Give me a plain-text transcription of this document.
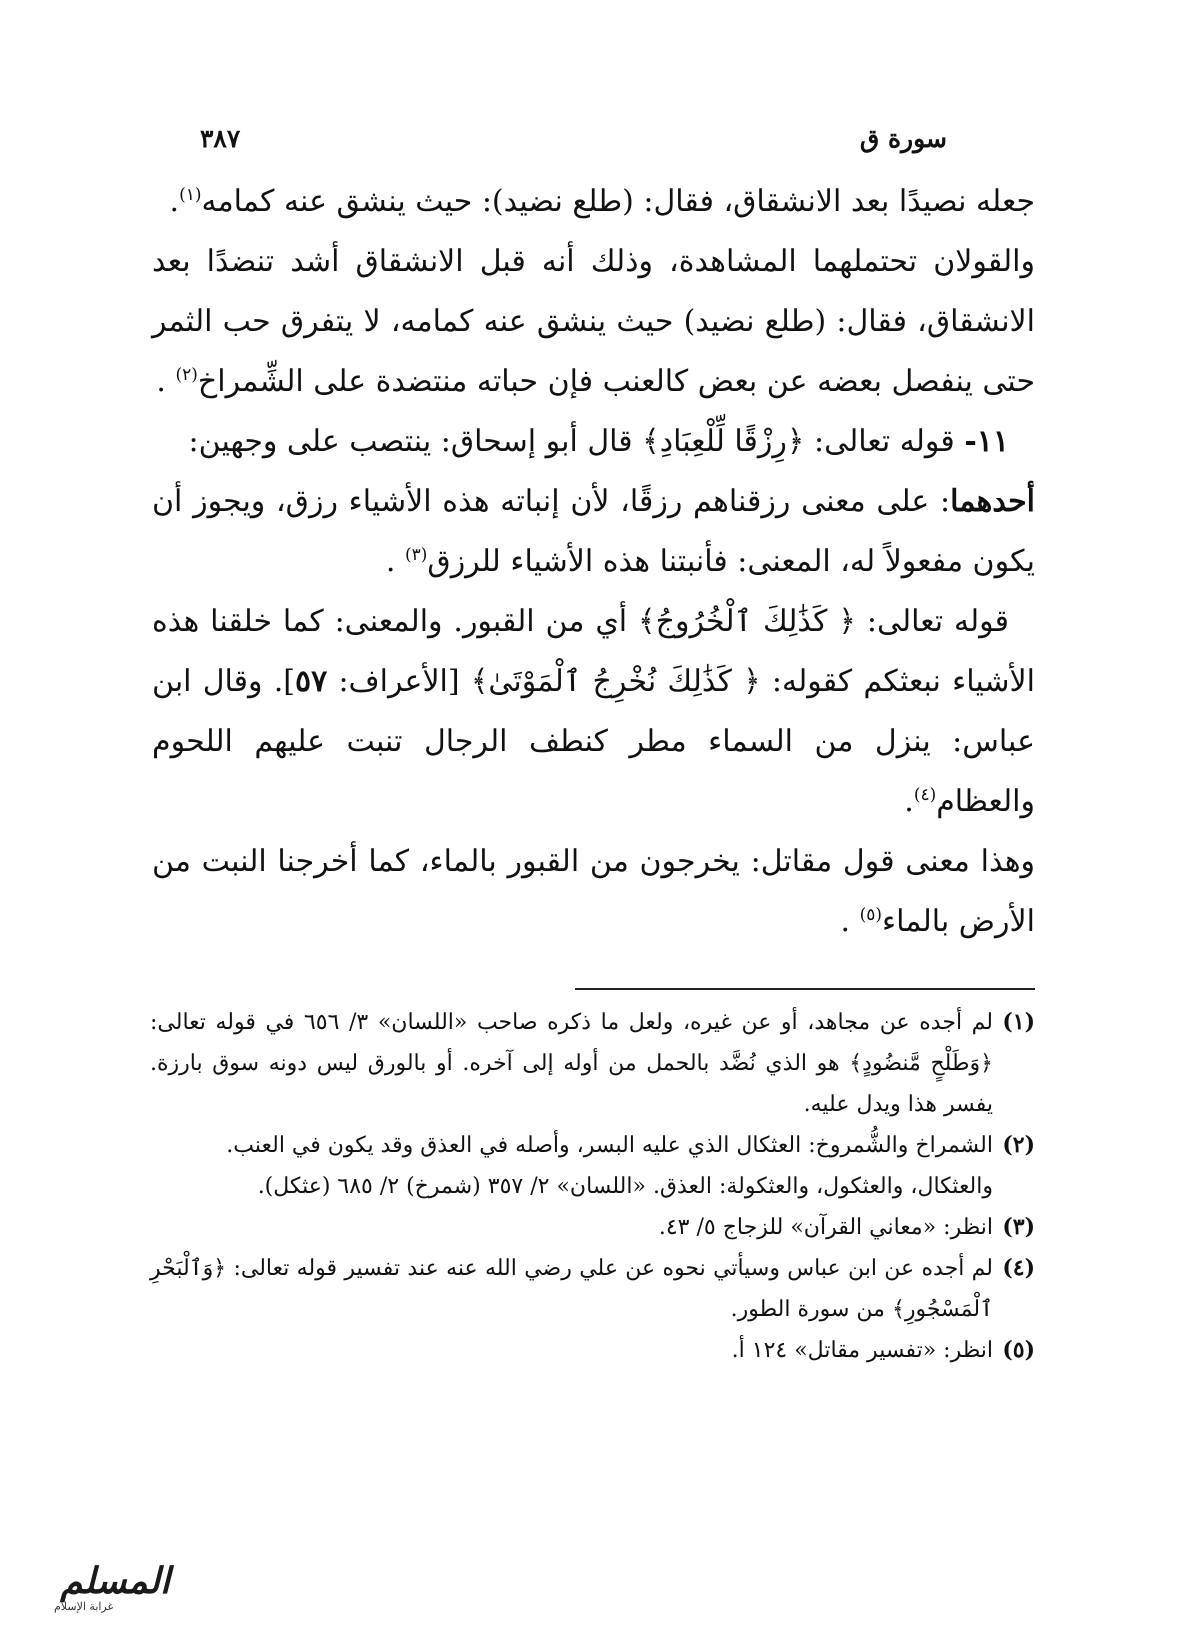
سورة ق
٣٨٧

جعله نصيدًا بعد الانشقاق، فقال: (طلع نضيد): حيث ينشق عنه كمامه$^{(١)}$.

والقولان تحتملهما المشاهدة، وذلك أنه قبل الانشقاق أشد تنضدًا بعد الانشقاق، فقال: (طلع نضيد) حيث ينشق عنه كمامه، لا يتفرق حب الثمر حتى ينفصل بعضه عن بعض كالعنب فإن حباته منتضدة على الشِّمراخ$^{(٢)}$ .

١١- قوله تعالى: ﴿رِزْقًا لِّلْعِبَادِ﴾ قال أبو إسحاق: ينتصب على وجهين:

أحدهما: على معنى رزقناهم رزقًا، لأن إنباته هذه الأشياء رزق، ويجوز أن يكون مفعولاً له، المعنى: فأنبتنا هذه الأشياء للرزق$^{(٣)}$ .

قوله تعالى: ﴿ كَذَٰلِكَ ٱلْخُرُوجُ﴾ أي من القبور. والمعنى: كما خلقنا هذه الأشياء نبعثكم كقوله: ﴿ كَذَٰلِكَ نُخْرِجُ ٱلْمَوْتَىٰ﴾ [الأعراف: ٥٧]. وقال ابن عباس: ينزل من السماء مطر كنطف الرجال تنبت عليهم اللحوم والعظام$^{(٤)}$.

وهذا معنى قول مقاتل: يخرجون من القبور بالماء، كما أخرجنا النبت من الأرض بالماء$^{(٥)}$ .

(١)
لم أجده عن مجاهد، أو عن غيره، ولعل ما ذكره صاحب «اللسان» ٣/ ٦٥٦ في قوله تعالى: ﴿وَطَلْحٍ مَّنضُودٍ﴾ هو الذي نُضَّد بالحمل من أوله إلى آخره. أو بالورق ليس دونه سوق بارزة. يفسر هذا ويدل عليه.
(٢)
الشمراخ والشُّمروخ: العثكال الذي عليه البسر، وأصله في العذق وقد يكون في العنب.
والعثكال، والعثكول، والعثكولة: العذق. «اللسان» ٢/ ٣٥٧ (شمرخ) ٢/ ٦٨٥ (عثكل).
(٣)
انظر: «معاني القرآن» للزجاج ٥/ ٤٣.
(٤)
لم أجده عن ابن عباس وسيأتي نحوه عن علي رضي الله عنه عند تفسير قوله تعالى: ﴿وَٱلْبَحْرِ ٱلْمَسْجُورِ﴾ من سورة الطور.
(٥)
انظر: «تفسير مقاتل» ١٢٤ أ.
المسلم
غرابة الإسلام
